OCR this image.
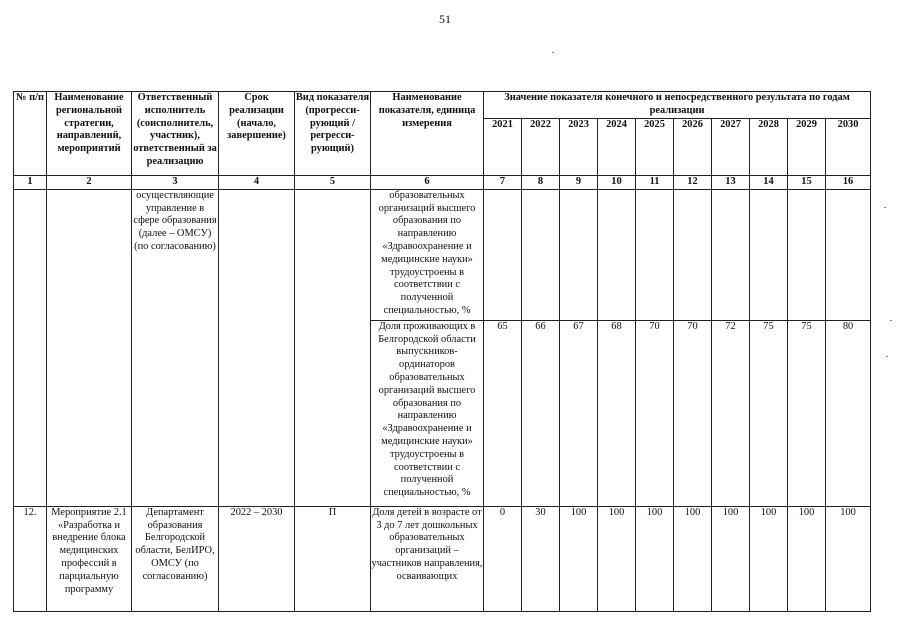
51
№ п/п	Наименование региональной стратегии, направлений, мероприятий	Ответственный исполнитель (соисполнитель, участник), ответственный за реализацию	Срок реализации (начало, завершение)	Вид показателя (прогресси-рующий / регресси-рующий)	Наименование показателя, единица измерения	Значение показателя конечного и непосредственного результата по годам реализации									
						2021	2022	2023	2024	2025	2026	2027	2028	2029	2030
1	2	3	4	5	6	7	8	9	10	11	12	13	14	15	16
		осуществляющие управление в сфере образования (далее – ОМСУ) (по согласованию)			образовательных организаций высшего образования по направлению «Здравоохранение и медицинские науки» трудоустроены в соответствии с полученной специальностью, %										
					Доля проживающих в Белгородской области выпускников-ординаторов образовательных организаций высшего образования по направлению «Здравоохранение и медицинские науки» трудоустроены в соответствии с полученной специальностью, %	65	66	67	68	70	70	72	75	75	80
12.	Мероприятие 2.1 «Разработка и внедрение блока медицинских профессий в парциальную программу	Департамент образования Белгородской области, БелИРО, ОМСУ (по согласованию)	2022 – 2030	П	Доля детей в возрасте от 3 до 7 лет дошкольных образовательных организаций – участников направления, осваивающих	0	30	100	100	100	100	100	100	100	100
